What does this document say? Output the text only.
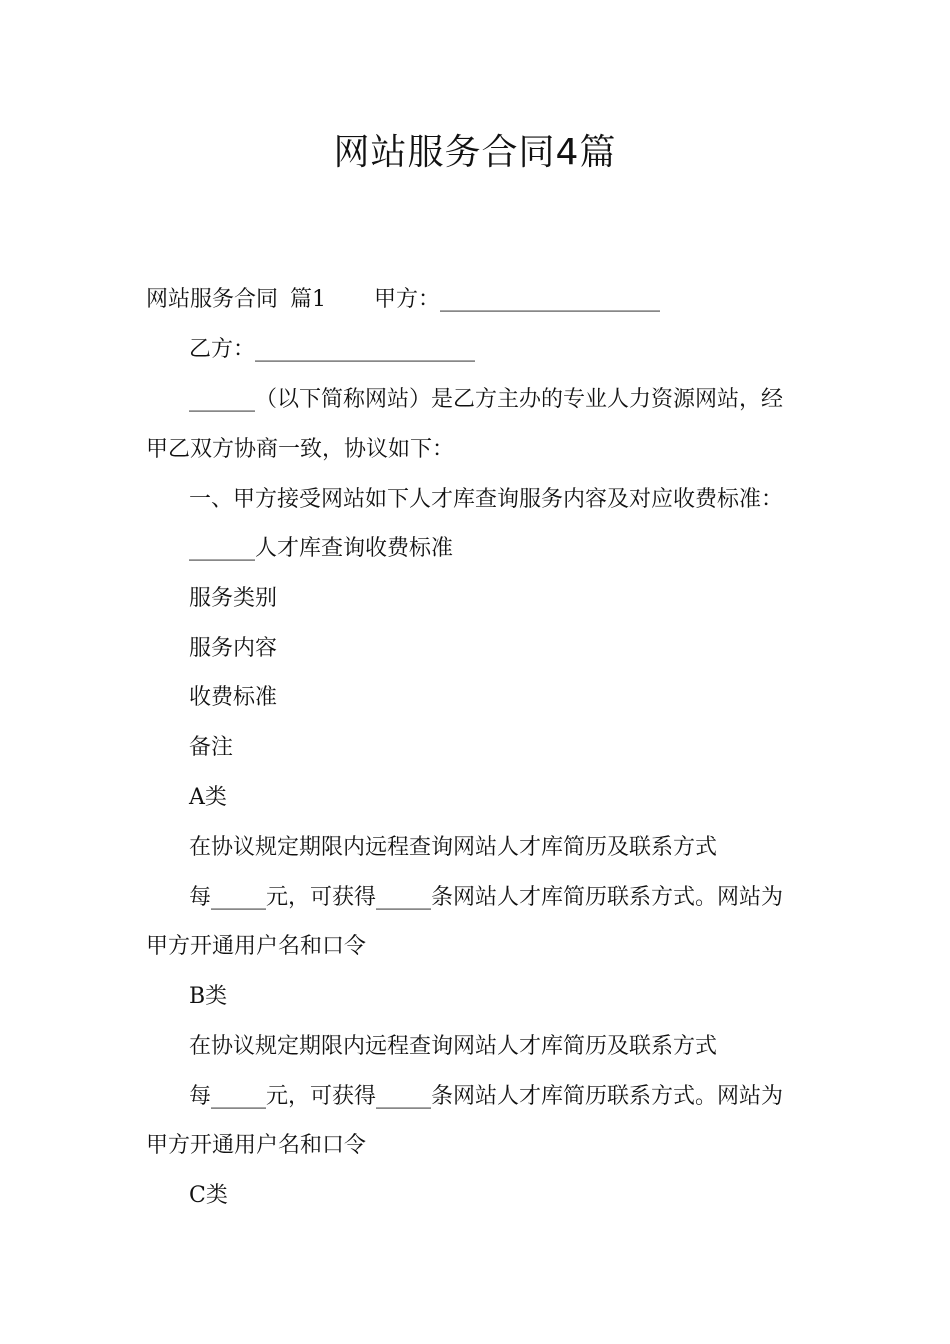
网站服务合同4篇

网站服务合同 篇1 甲方：____________________

乙方：____________________

______（以下简称网站）是乙方主办的专业人力资源网站，经

甲乙双方协商一致，协议如下：

一、甲方接受网站如下人才库查询服务内容及对应收费标准：

______人才库查询收费标准

服务类别

服务内容

收费标准

备注

A类

在协议规定期限内远程查询网站人才库简历及联系方式

每_____元，可获得_____条网站人才库简历联系方式。网站为

甲方开通用户名和口令

B类

在协议规定期限内远程查询网站人才库简历及联系方式

每_____元，可获得_____条网站人才库简历联系方式。网站为

甲方开通用户名和口令

C类
